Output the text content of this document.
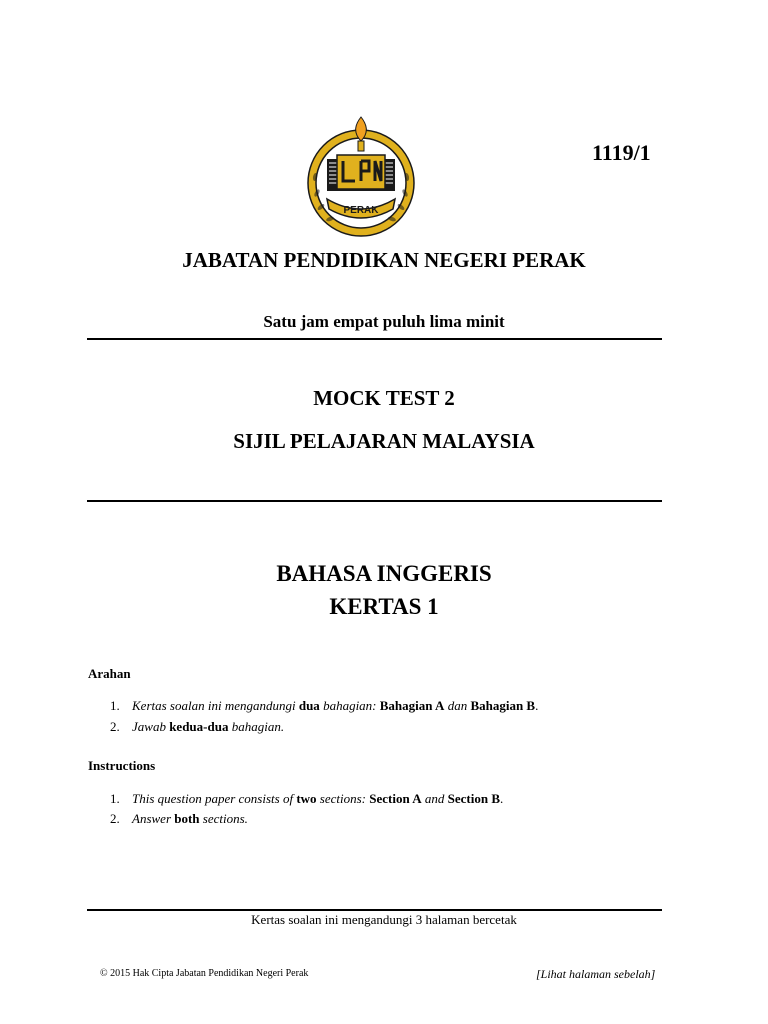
PERAK
1119/1
JABATAN PENDIDIKAN NEGERI PERAK
Satu jam empat puluh lima minit
MOCK TEST 2
SIJIL PELAJARAN MALAYSIA
BAHASA INGGERIS
KERTAS 1
Arahan
1. Kertas soalan ini mengandungi dua bahagian: Bahagian A dan Bahagian B.
2. Jawab kedua-dua bahagian.
Instructions
1. This question paper consists of two sections: Section A and Section B.
2. Answer both sections.
Kertas soalan ini mengandungi 3 halaman bercetak
© 2015 Hak Cipta Jabatan Pendidikan Negeri Perak	[Lihat halaman sebelah]
